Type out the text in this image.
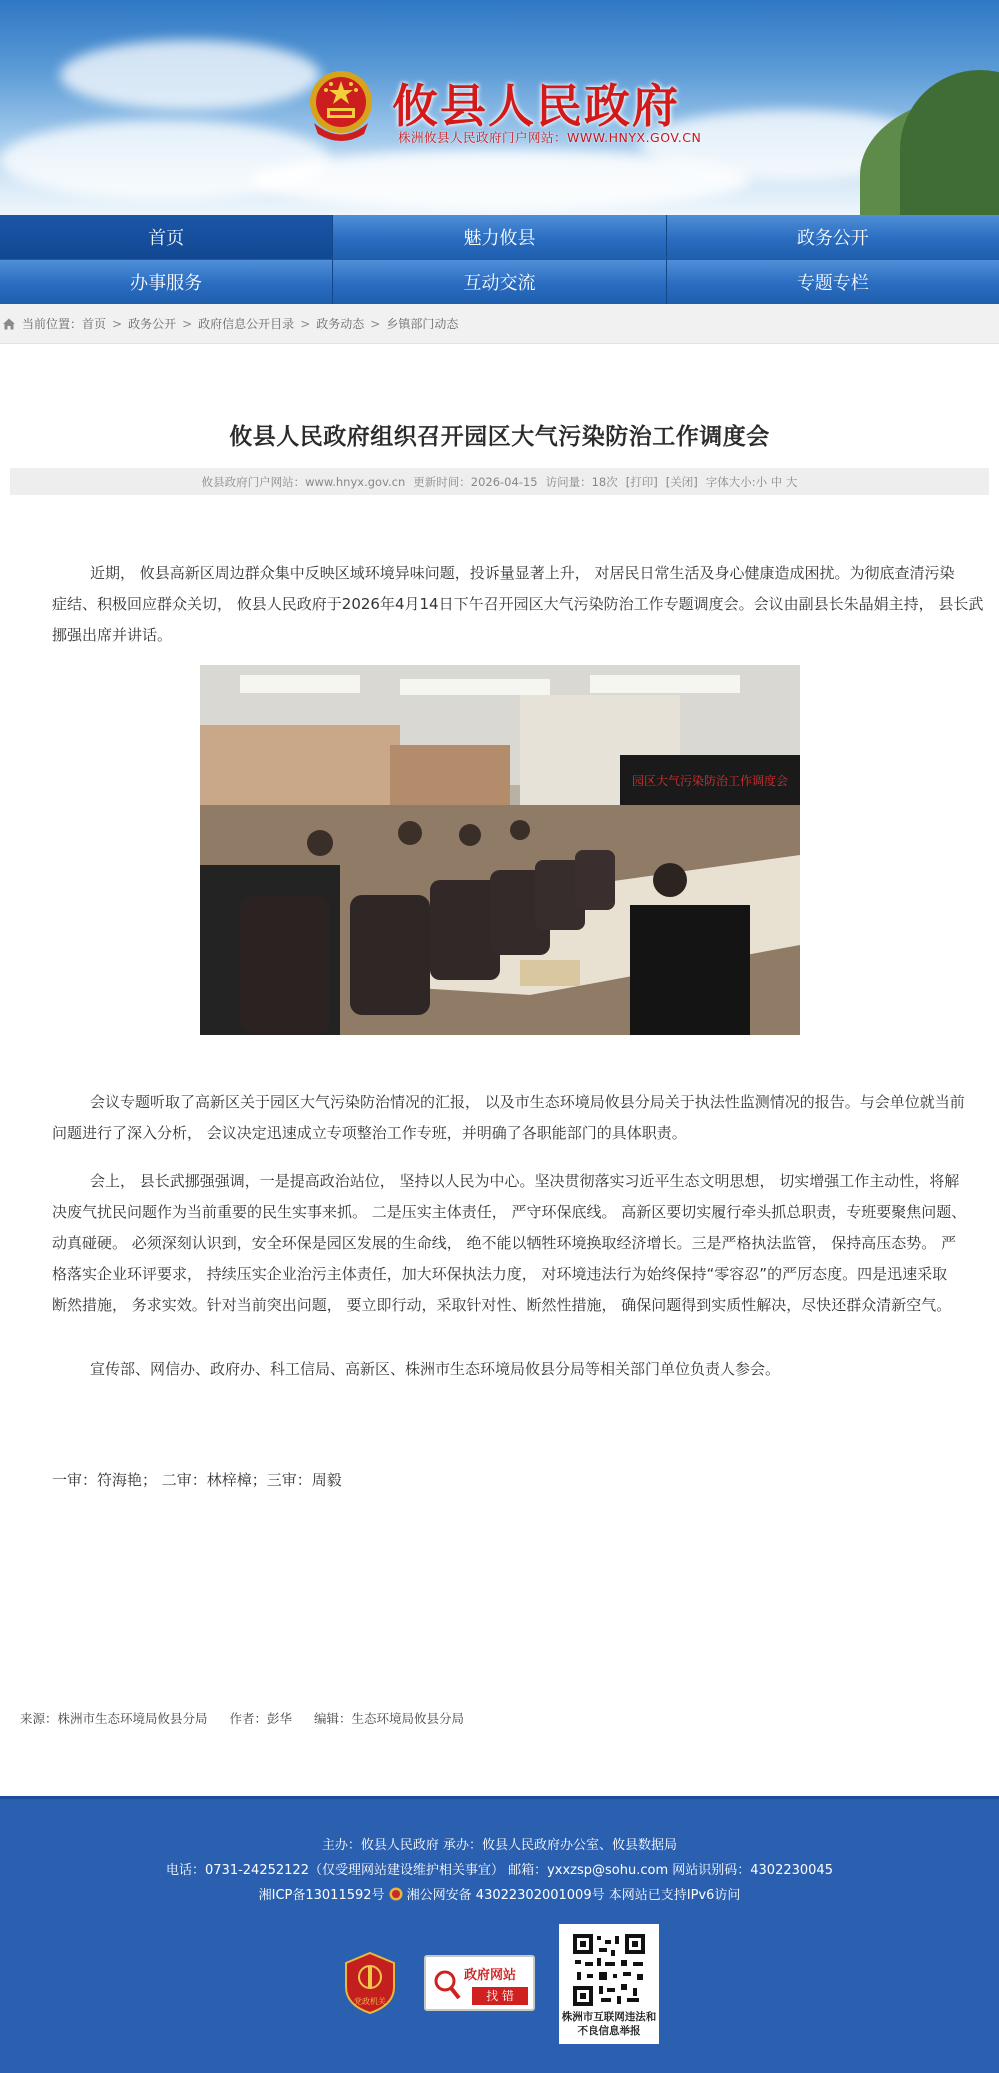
攸县人民政府
株洲攸县人民政府门户网站：WWW.HNYX.GOV.CN
首页	魅力攸县	政务公开
办事服务	互动交流	专题专栏
当前位置： 首页 > 政务公开 > 政府信息公开目录 > 政务动态 > 乡镇部门动态
攸县人民政府组织召开园区大气污染防治工作调度会
攸县政府门户网站：www.hnyx.gov.cn 更新时间：2026-04-15 访问量：18次 [打印] [关闭] 字体大小:小 中 大
近期， 攸县高新区周边群众集中反映区域环境异味问题，投诉量显著上升， 对居民日常生活及身心健康造成困扰。为彻底查清污染
症结、积极回应群众关切， 攸县人民政府于2026年4月14日下午召开园区大气污染防治工作专题调度会。会议由副县长朱晶娟主持， 县长武
挪强出席并讲话。
园区大气污染防治工作调度会
会议专题听取了高新区关于园区大气污染防治情况的汇报， 以及市生态环境局攸县分局关于执法性监测情况的报告。与会单位就当前
问题进行了深入分析， 会议决定迅速成立专项整治工作专班，并明确了各职能部门的具体职责。
会上， 县长武挪强强调，一是提高政治站位， 坚持以人民为中心。坚决贯彻落实习近平生态文明思想， 切实增强工作主动性，将解
决废气扰民问题作为当前重要的民生实事来抓。 二是压实主体责任， 严守环保底线。 高新区要切实履行牵头抓总职责，专班要聚焦问题、
动真碰硬。 必须深刻认识到，安全环保是园区发展的生命线， 绝不能以牺牲环境换取经济增长。三是严格执法监管， 保持高压态势。 严
格落实企业环评要求， 持续压实企业治污主体责任，加大环保执法力度， 对环境违法行为始终保持“零容忍”的严厉态度。四是迅速采取
断然措施， 务求实效。针对当前突出问题， 要立即行动，采取针对性、断然性措施， 确保问题得到实质性解决，尽快还群众清新空气。
宣传部、网信办、政府办、科工信局、高新区、株洲市生态环境局攸县分局等相关部门单位负责人参会。
一审：符海艳； 二审：林梓樟；三审：周毅
来源：株洲市生态环境局攸县分局 作者：彭华 编辑：生态环境局攸县分局
主办：攸县人民政府 承办：攸县人民政府办公室、攸县数据局
电话：0731-24252122（仅受理网站建设维护相关事宜） 邮箱：yxxzsp@sohu.com 网站识别码：4302230045
湘ICP备13011592号 湘公网安备 43022302001009号 本网站已支持IPv6访问
党政机关
政府网站
找 错
株洲市互联网违法和不良信息举报
